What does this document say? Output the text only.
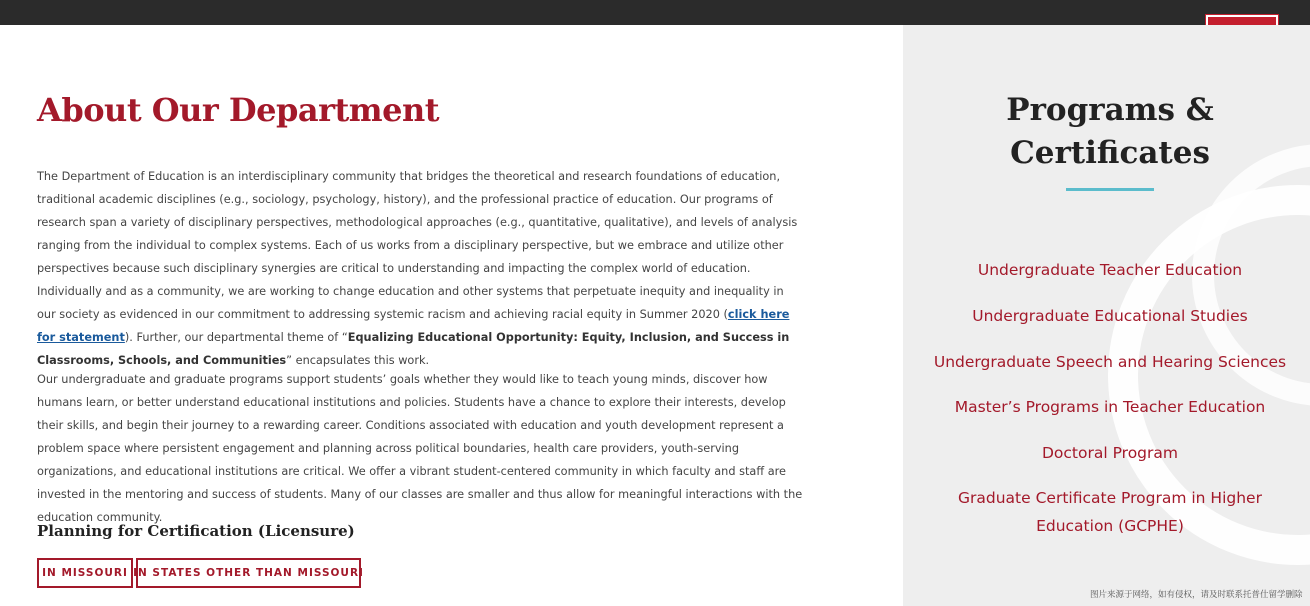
About Our Department

The Department of Education is an interdisciplinary community that bridges the theoretical and research foundations of education, traditional academic disciplines (e.g., sociology, psychology, history), and the professional practice of education. Our programs of research span a variety of disciplinary perspectives, methodological approaches (e.g., quantitative, qualitative), and levels of analysis ranging from the individual to complex systems. Each of us works from a disciplinary perspective, but we embrace and utilize other perspectives because such disciplinary synergies are critical to understanding and impacting the complex world of education. Individually and as a community, we are working to change education and other systems that perpetuate inequity and inequality in our society as evidenced in our commitment to addressing systemic racism and achieving racial equity in Summer 2020 (click here for statement). Further, our departmental theme of “Equalizing Educational Opportunity: Equity, Inclusion, and Success in Classrooms, Schools, and Communities” encapsulates this work.

Our undergraduate and graduate programs support students’ goals whether they would like to teach young minds, discover how humans learn, or better understand educational institutions and policies. Students have a chance to explore their interests, develop their skills, and begin their journey to a rewarding career. Conditions associated with education and youth development represent a problem space where persistent engagement and planning across political boundaries, health care providers, youth-serving organizations, and educational institutions are critical. We offer a vibrant student-centered community in which faculty and staff are invested in the mentoring and success of students. Many of our classes are smaller and thus allow for meaningful interactions with the education community.

Planning for Certification (Licensure)
IN MISSOURI IN STATES OTHER THAN MISSOURI
Programs &
Certificates
Undergraduate Teacher Education
Undergraduate Educational Studies
Undergraduate Speech and Hearing Sciences
Master’s Programs in Teacher Education
Doctoral Program
Graduate Certificate Program in Higher Education (GCPHE)
图片来源于网络，如有侵权，请及时联系托普仕留学删除
